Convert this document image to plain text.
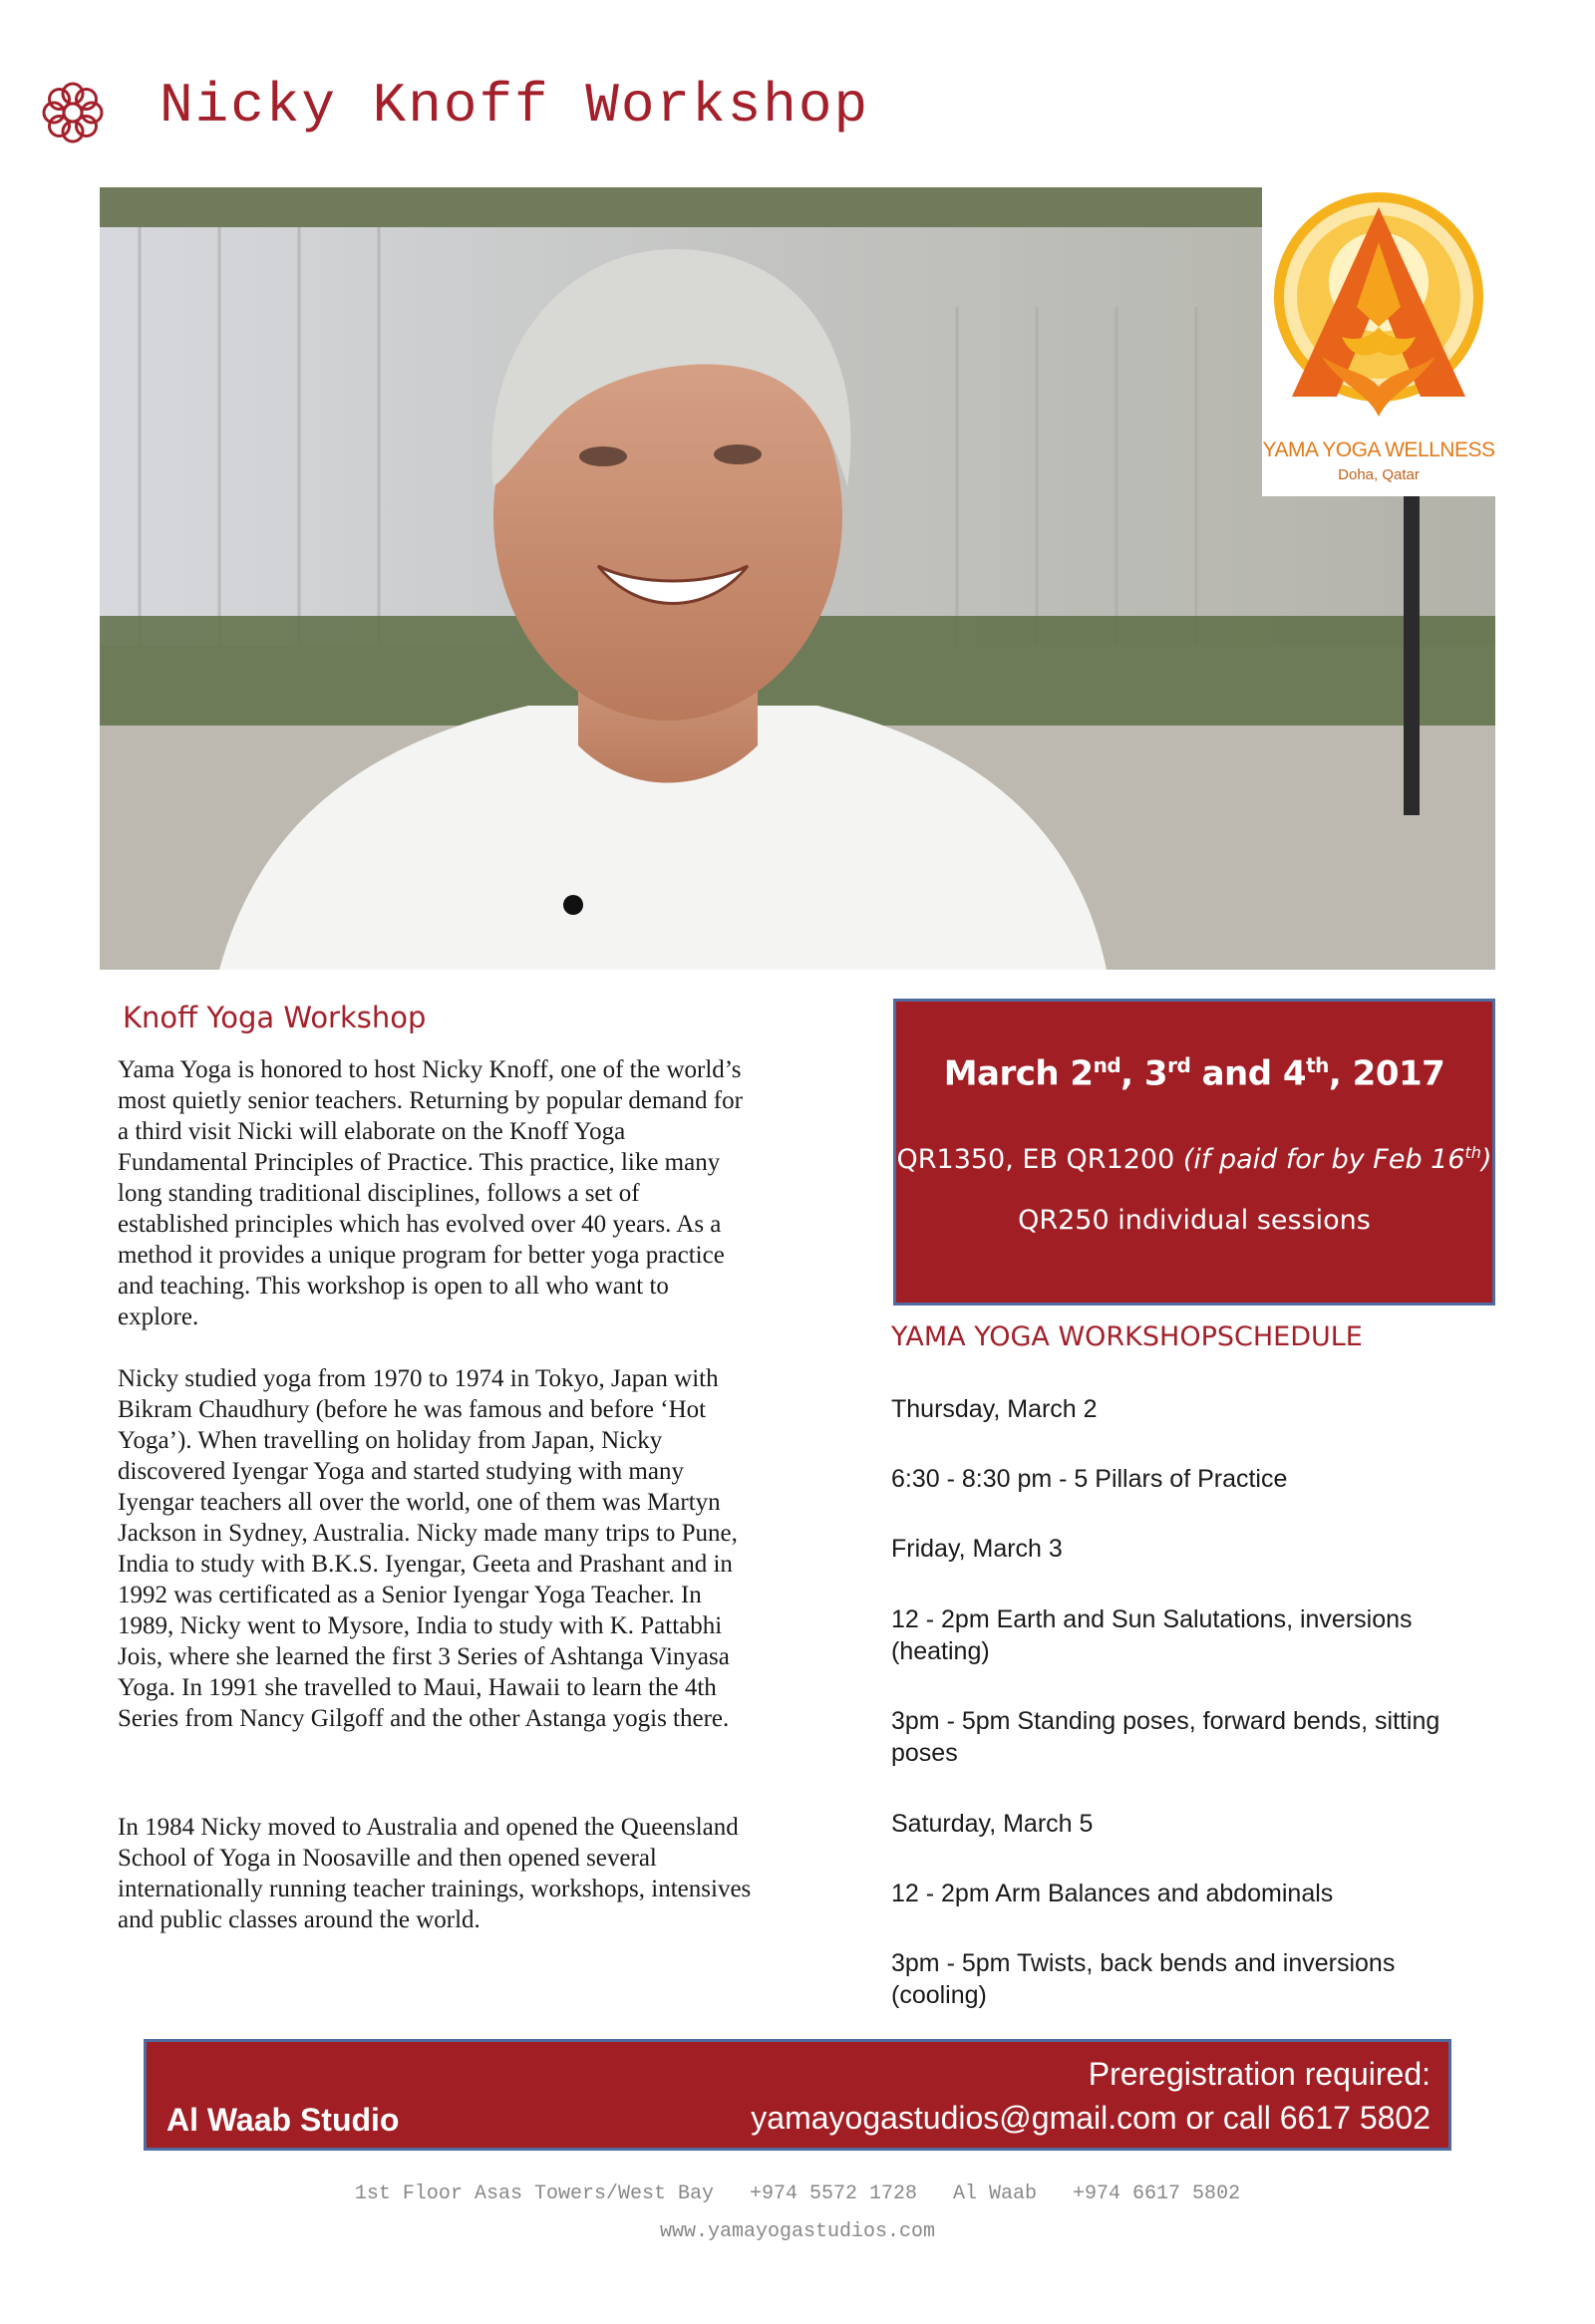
Nicky Knoff Workshop
YAMA YOGA WELLNESS
Doha, Qatar
Knoff Yoga Workshop

Yama Yoga is honored to host Nicky Knoff, one of the world’s most quietly senior teachers. Returning by popular demand for a third visit Nicki will elaborate on the Knoff Yoga Fundamental Principles of Practice. This practice, like many long standing traditional disciplines, follows a set of established principles which has evolved over 40 years. As a method it provides a unique program for better yoga practice and teaching. This workshop is open to all who want to explore.

Nicky studied yoga from 1970 to 1974 in Tokyo, Japan with Bikram Chaudhury (before he was famous and before ‘Hot Yoga’). When travelling on holiday from Japan, Nicky discovered Iyengar Yoga and started studying with many Iyengar teachers all over the world, one of them was Martyn Jackson in Sydney, Australia. Nicky made many trips to Pune, India to study with B.K.S. Iyengar, Geeta and Prashant and in 1992 was certificated as a Senior Iyengar Yoga Teacher. In 1989, Nicky went to Mysore, India to study with K. Pattabhi Jois, where she learned the first 3 Series of Ashtanga Vinyasa Yoga. In 1991 she travelled to Maui, Hawaii to learn the 4th Series from Nancy Gilgoff and the other Astanga yogis there.

In 1984 Nicky moved to Australia and opened the Queensland School of Yoga in Noosaville and then opened several internationally running teacher trainings, workshops, intensives and public classes around the world.

March 2nd, 3rd and 4th, 2017
QR1350, EB QR1200 (if paid for by Feb 16th)
QR250 individual sessions
YAMA YOGA WORKSHOPSCHEDULE
Thursday, March 2
6:30 - 8:30 pm - 5 Pillars of Practice
Friday, March 3
12 - 2pm Earth and Sun Salutations, inversions (heating)
3pm - 5pm Standing poses, forward bends, sitting poses
Saturday, March 5
12 - 2pm Arm Balances and abdominals
3pm - 5pm Twists, back bends and inversions (cooling)
Al Waab Studio
Preregistration required:
yamayogastudios@gmail.com or call 6617 5802
1st Floor Asas Towers/West Bay   +974 5572 1728   Al Waab   +974 6617 5802
www.yamayogastudios.com
